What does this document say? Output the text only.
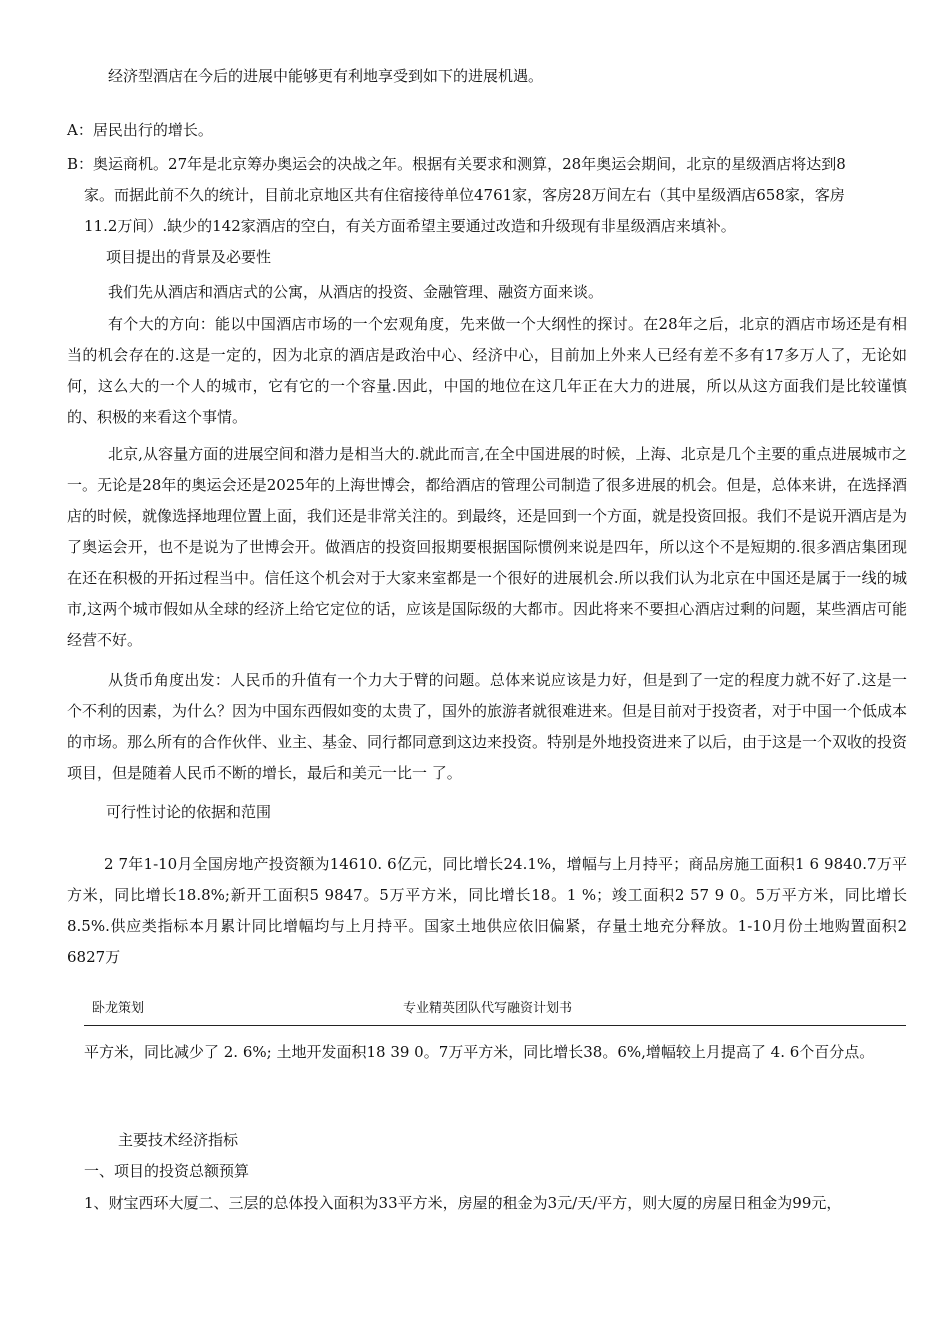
经济型酒店在今后的进展中能够更有利地享受到如下的进展机遇。

A：居民出行的增长。

B：奥运商机。27年是北京筹办奥运会的决战之年。根据有关要求和测算，28年奥运会期间，北京的星级酒店将达到8

家。而据此前不久的统计，目前北京地区共有住宿接待单位4761家，客房28万间左右（其中星级酒店658家，客房

11.2万间）.缺少的142家酒店的空白，有关方面希望主要通过改造和升级现有非星级酒店来填补。

项目提出的背景及必要性

我们先从酒店和酒店式的公寓，从酒店的投资、金融管理、融资方面来谈。

有个大的方向：能以中国酒店市场的一个宏观角度，先来做一个大纲性的探讨。在28年之后，北京的酒店市场还是有相当的机会存在的.这是一定的，因为北京的酒店是政治中心、经济中心，目前加上外来人已经有差不多有17多万人了，无论如何，这么大的一个人的城市，它有它的一个容量.因此，中国的地位在这几年正在大力的进展，所以从这方面我们是比较谨慎的、积极的来看这个事情。

北京,从容量方面的进展空间和潜力是相当大的.就此而言,在全中国进展的时候，上海、北京是几个主要的重点进展城市之一。无论是28年的奥运会还是2025年的上海世博会，都给酒店的管理公司制造了很多进展的机会。但是，总体来讲，在选择酒店的时候，就像选择地理位置上面，我们还是非常关注的。到最终，还是回到一个方面，就是投资回报。我们不是说开酒店是为了奥运会开，也不是说为了世博会开。做酒店的投资回报期要根据国际惯例来说是四年，所以这个不是短期的.很多酒店集团现在还在积极的开拓过程当中。信任这个机会对于大家来室都是一个很好的进展机会.所以我们认为北京在中国还是属于一线的城市,这两个城市假如从全球的经济上给它定位的话，应该是国际级的大都市。因此将来不要担心酒店过剩的问题，某些酒店可能经营不好。

从货币角度出发：人民币的升值有一个力大于臂的问题。总体来说应该是力好，但是到了一定的程度力就不好了.这是一个不利的因素，为什么？因为中国东西假如变的太贵了，国外的旅游者就很难进来。但是目前对于投资者，对于中国一个低成本的市场。那么所有的合作伙伴、业主、基金、同行都同意到这边来投资。特别是外地投资进来了以后，由于这是一个双收的投资项目，但是随着人民币不断的增长，最后和美元一比一 了。

可行性讨论的依据和范围

2 7年1-10月全国房地产投资额为14610. 6亿元，同比增长24.1%，增幅与上月持平；商品房施工面积1 6 9840.7万平方米，同比增长18.8%;新开工面积5 9847。5万平方米，同比增长18。1 %；竣工面积2 57 9 0。5万平方米，同比增长8.5%.供应类指标本月累计同比增幅均与上月持平。国家土地供应依旧偏紧，存量土地充分释放。1-10月份土地购置面积2 6827万

卧龙策划	专业精英团队代写融资计划书

平方米，同比减少了 2. 6%; 土地开发面积18 39 0。7万平方米，同比增长38。6%,增幅较上月提高了 4. 6个百分点。

主要技术经济指标

一、项目的投资总额预算

1、财宝西环大厦二、三层的总体投入面积为33平方米，房屋的租金为3元/天/平方，则大厦的房屋日租金为99元，
